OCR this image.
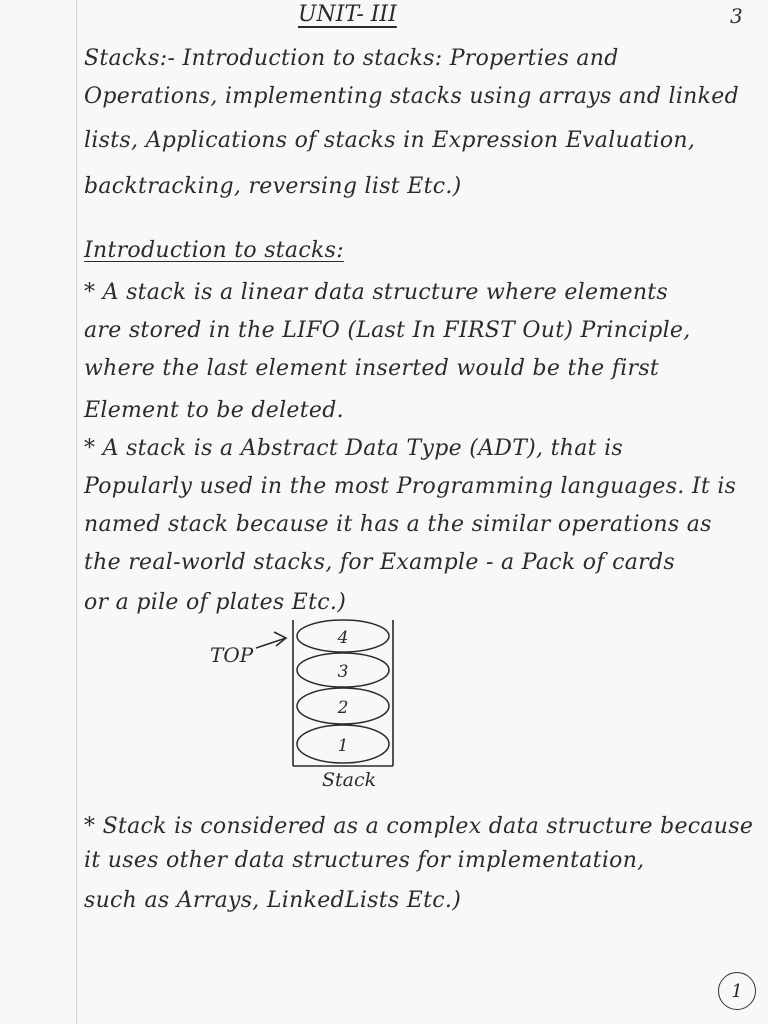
UNIT- III	3
Stacks:- Introduction to stacks: Properties and
Operations, implementing stacks using arrays and linked
lists, Applications of stacks in Expression Evaluation,
backtracking, reversing list Etc.)
Introduction to stacks:
* A stack is a linear data structure where elements
are stored in the LIFO (Last In FIRST Out) Principle,
where the last element inserted would be the first
Element to be deleted.
* A stack is a Abstract Data Type (ADT), that is
Popularly used in the most Programming languages. It is
named stack because it has a the similar operations as
the real-world stacks, for Example - a Pack of cards
or a pile of plates Etc.)
TOP
4
3
2
1
Stack
* Stack is considered as a complex data structure because
it uses other data structures for implementation,
such as Arrays, LinkedLists Etc.)
1
